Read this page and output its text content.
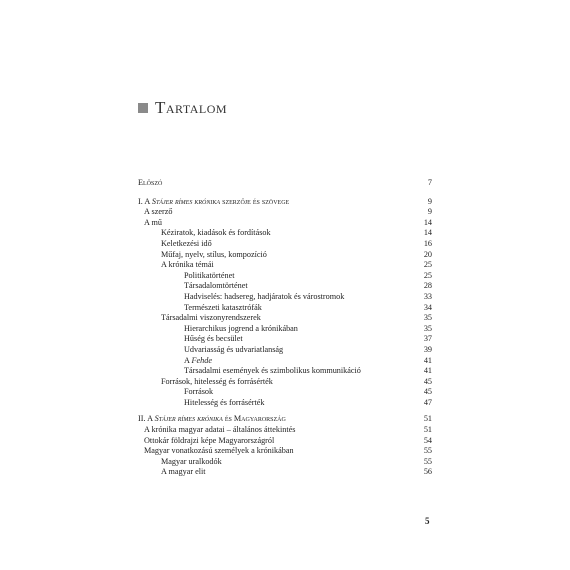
Tartalom
Előszó	7
I. A Stájer rímes krónika szerzője és szövege	9
A szerző	9
A mű	14
Kéziratok, kiadások és fordítások	14
Keletkezési idő	16
Műfaj, nyelv, stílus, kompozíció	20
A krónika témái	25
Politikatörténet	25
Társadalomtörténet	28
Hadviselés: hadsereg, hadjáratok és várostromok	33
Természeti katasztrófák	34
Társadalmi viszonyrendszerek	35
Hierarchikus jogrend a krónikában	35
Hűség és becsület	37
Udvariasság és udvariatlanság	39
A Fehde	41
Társadalmi események és szimbolikus kommunikáció	41
Források, hitelesség és forrásérték	45
Források	45
Hitelesség és forrásérték	47
II. A Stájer rímes krónika és Magyarország	51
A krónika magyar adatai – általános áttekintés	51
Ottokár földrajzi képe Magyarországról	54
Magyar vonatkozású személyek a krónikában	55
Magyar uralkodók	55
A magyar elit	56
5
